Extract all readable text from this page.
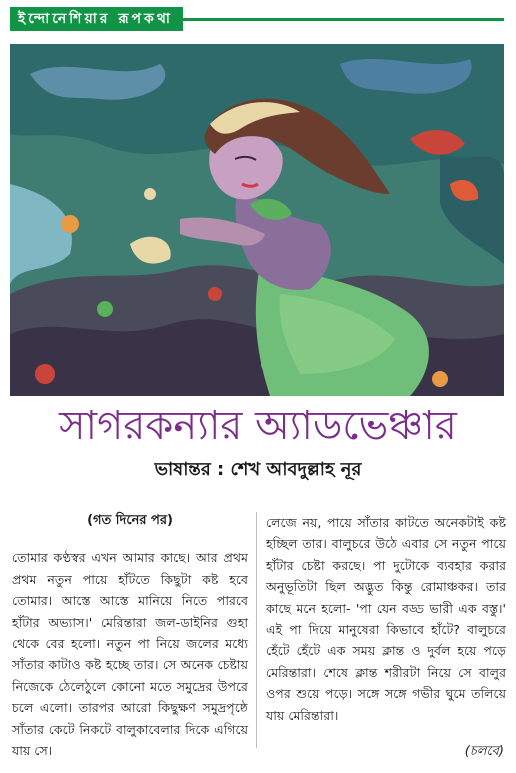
ইন্দোনেশিয়ার রূপকথা
সাগরকন্যার অ্যাডভেঞ্চার
ভাষান্তর : শেখ আবদুল্লাহ নূর
(গত দিনের পর)

তোমার কণ্ঠস্বর এখন আমার কাছে। আর প্রথম প্রথম নতুন পায়ে হাঁটতে কিছুটা কষ্ট হবে তোমার। আস্তে আস্তে মানিয়ে নিতে পারবে হাঁটার অভ্যাস।' মেরিন্তারা জল-ডাইনির গুহা থেকে বের হলো। নতুন পা নিয়ে জলের মধ্যে সাঁতার কাটাও কষ্ট হচ্ছে তার। সে অনেক চেষ্টায় নিজেকে ঠেলেঠুলে কোনো মতে সমুদ্রের উপরে চলে এলো। তারপর আরো কিছুক্ষণ সমুদ্রপৃষ্ঠে সাঁতার কেটে নিকটে বালুকাবেলার দিকে এগিয়ে যায় সে।

লেজে নয়, পায়ে সাঁতার কাটতে অনেকটাই কষ্ট হচ্ছিল তার। বালুচরে উঠে এবার সে নতুন পায়ে হাঁটার চেষ্টা করছে। পা দুটোকে ব্যবহার করার অনুভূতিটা ছিল অদ্ভুত কিন্তু রোমাঞ্চকর। তার কাছে মনে হলো- 'পা যেন বড্ড ভারী এক বস্তু।' এই পা দিয়ে মানুষেরা কিভাবে হাঁটে? বালুচরে হেঁটে হেঁটে এক সময় ক্লান্ত ও দুর্বল হয়ে পড়ে মেরিন্তারা। শেষে ক্লান্ত শরীরটা নিয়ে সে বালুর ওপর শুয়ে পড়ে। সঙ্গে সঙ্গে গভীর ঘুমে তলিয়ে যায় মেরিন্তারা।

(চলবে)
